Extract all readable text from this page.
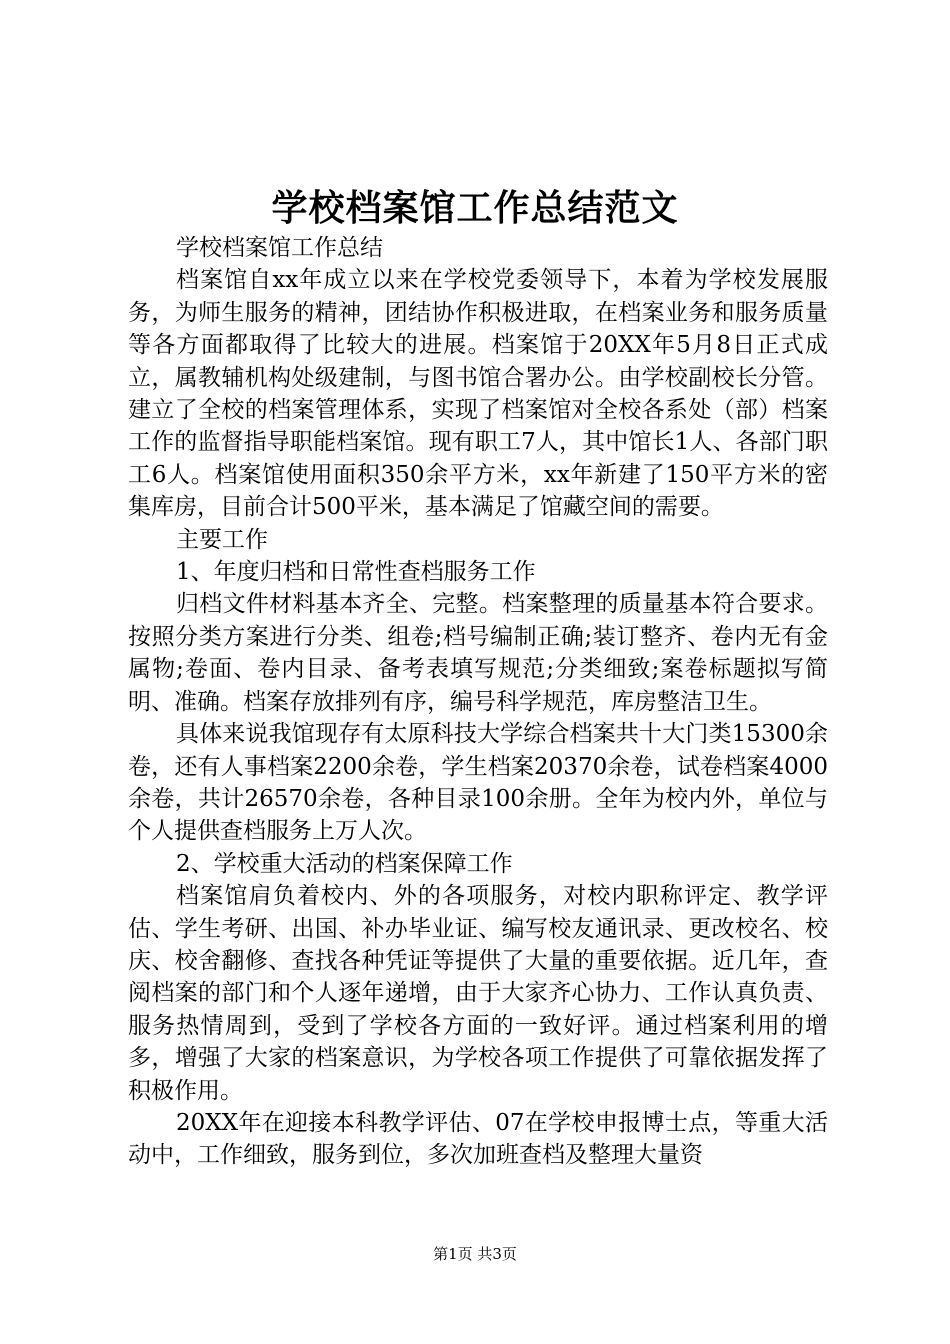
学校档案馆工作总结范文

学校档案馆工作总结

档案馆自xx年成立以来在学校党委领导下，本着为学校发展服务，为师生服务的精神，团结协作积极进取，在档案业务和服务质量等各方面都取得了比较大的进展。档案馆于20XX年5月8日正式成立，属教辅机构处级建制，与图书馆合署办公。由学校副校长分管。建立了全校的档案管理体系，实现了档案馆对全校各系处（部）档案工作的监督指导职能档案馆。现有职工7人，其中馆长1人、各部门职工6人。档案馆使用面积350余平方米，xx年新建了150平方米的密集库房，目前合计500平米，基本满足了馆藏空间的需要。

主要工作

1、年度归档和日常性查档服务工作

归档文件材料基本齐全、完整。档案整理的质量基本符合要求。按照分类方案进行分类、组卷;档号编制正确;装订整齐、卷内无有金属物;卷面、卷内目录、备考表填写规范;分类细致;案卷标题拟写简明、准确。档案存放排列有序，编号科学规范，库房整洁卫生。

具体来说我馆现存有太原科技大学综合档案共十大门类15300余卷，还有人事档案2200余卷，学生档案20370余卷，试卷档案4000余卷，共计26570余卷，各种目录100余册。全年为校内外，单位与个人提供查档服务上万人次。

2、学校重大活动的档案保障工作

档案馆肩负着校内、外的各项服务，对校内职称评定、教学评估、学生考研、出国、补办毕业证、编写校友通讯录、更改校名、校庆、校舍翻修、查找各种凭证等提供了大量的重要依据。近几年，查阅档案的部门和个人逐年递增，由于大家齐心协力、工作认真负责、服务热情周到，受到了学校各方面的一致好评。通过档案利用的增多，增强了大家的档案意识，为学校各项工作提供了可靠依据发挥了积极作用。

20XX年在迎接本科教学评估、07在学校申报博士点，等重大活动中，工作细致，服务到位，多次加班查档及整理大量资

第1页 共3页
